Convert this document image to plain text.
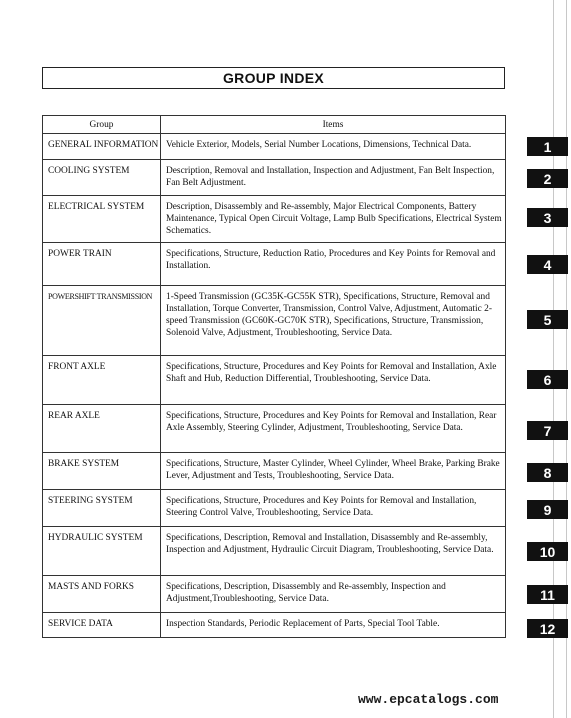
GROUP INDEX
Group	Items
GENERAL INFORMATION	Vehicle Exterior, Models, Serial Number Locations, Dimensions, Technical Data.
COOLING SYSTEM	Description, Removal and Installation, Inspection and Adjustment, Fan Belt Inspection, Fan Belt Adjustment.
ELECTRICAL SYSTEM	Description, Disassembly and Re-assembly, Major Electrical Components, Battery Maintenance, Typical Open Circuit Voltage, Lamp Bulb Specifications, Electrical System Schematics.
POWER TRAIN	Specifications, Structure, Reduction Ratio, Procedures and Key Points for Removal and Installation.
POWERSHIFT TRANSMISSION	1-Speed Transmission (GC35K-GC55K STR), Specifications, Structure, Removal and Installation, Torque Converter, Transmission, Control Valve, Adjustment, Automatic 2-speed Transmission (GC60K-GC70K STR), Specifications, Structure, Transmission, Solenoid Valve, Adjustment, Troubleshooting, Service Data.
FRONT AXLE	Specifications, Structure, Procedures and Key Points for Removal and Installation, Axle Shaft and Hub, Reduction Differential, Troubleshooting, Service Data.
REAR AXLE	Specifications, Structure, Procedures and Key Points for Removal and Installation, Rear Axle Assembly, Steering Cylinder, Adjustment, Troubleshooting, Service Data.
BRAKE SYSTEM	Specifications, Structure, Master Cylinder, Wheel Cylinder, Wheel Brake, Parking Brake Lever, Adjustment and Tests, Troubleshooting, Service Data.
STEERING SYSTEM	Specifications, Structure, Procedures and Key Points for Removal and Installation, Steering Control Valve, Troubleshooting, Service Data.
HYDRAULIC SYSTEM	Specifications, Description, Removal and Installation, Disassembly and Re-assembly, Inspection and Adjustment, Hydraulic Circuit Diagram, Troubleshooting, Service Data.
MASTS AND FORKS	Specifications, Description, Disassembly and Re-assembly, Inspection and Adjustment,Troubleshooting, Service Data.
SERVICE DATA	Inspection Standards, Periodic Replacement of Parts, Special Tool Table.
1
2
3
4
5
6
7
8
9
10
11
12
www.epcatalogs.com
